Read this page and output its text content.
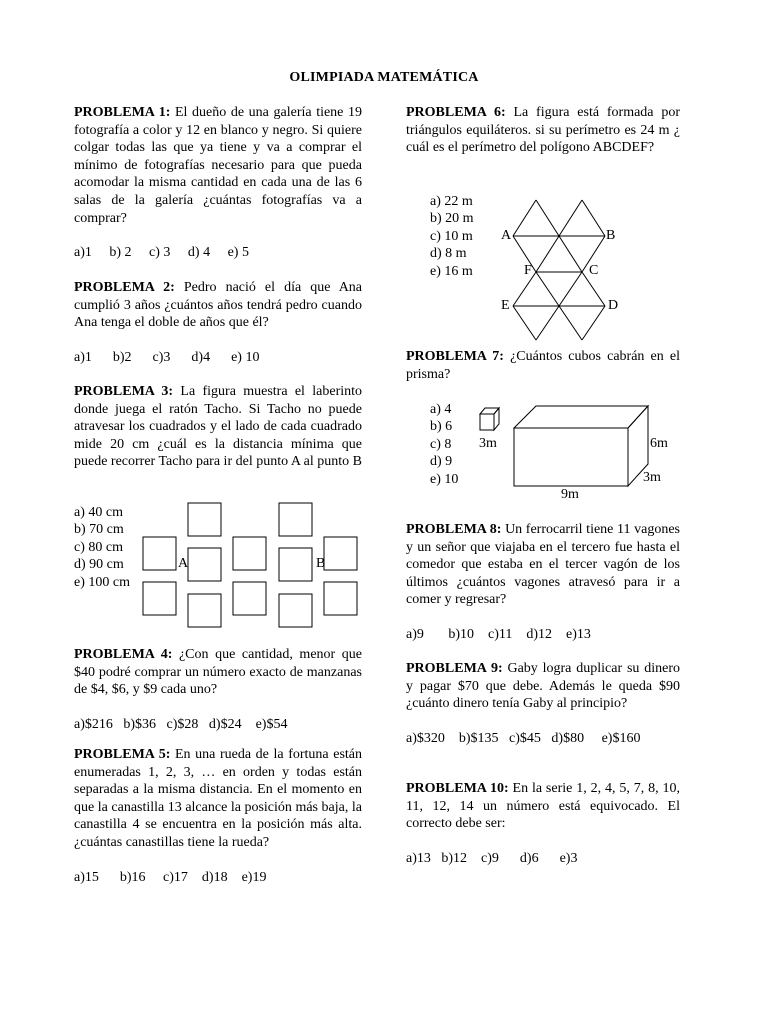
OLIMPIADA MATEMÁTICA

PROBLEMA 1: El dueño de una galería tiene 19 fotografía a color y 12 en blanco y negro. Si quiere colgar todas las que ya tiene y va a comprar el mínimo de fotografías necesario para que pueda acomodar la misma cantidad en cada una de las 6 salas de la galería ¿cuántas fotografías va a comprar?

a)1     b) 2     c) 3     d) 4     e) 5

PROBLEMA 2: Pedro nació el día que Ana cumplió 3 años ¿cuántos años tendrá pedro cuando Ana tenga el doble de años que él?

a)1      b)2      c)3      d)4      e) 10

PROBLEMA 3: La figura muestra el laberinto donde juega el ratón Tacho. Si Tacho no puede atravesar los cuadrados y el lado de cada cuadrado mide 20 cm ¿cuál es la distancia mínima que puede recorrer Tacho para ir del punto A al punto B

PROBLEMA 4: ¿Con que cantidad, menor que $40 podré comprar un número exacto de manzanas de $4, $6, y $9 cada uno?

a)$216   b)$36   c)$28   d)$24    e)$54

PROBLEMA 5: En una rueda de la fortuna están enumeradas 1, 2, 3, … en orden y todas están separadas a la misma distancia. En el momento en que la canastilla 13 alcance la posición más baja, la canastilla 4 se encuentra en la posición más alta. ¿cuántas canastillas tiene la rueda?

a)15      b)16     c)17    d)18    e)19

a) 40 cm
b) 70 cm
c) 80 cm
d) 90 cm
e) 100 cm
A	B

PROBLEMA 6: La figura está formada por triángulos equiláteros. si su perímetro es 24 m ¿ cuál es el perímetro del polígono ABCDEF?

PROBLEMA 7: ¿Cuántos cubos cabrán en el prisma?

PROBLEMA 8: Un ferrocarril tiene 11 vagones y un señor que viajaba en el tercero fue hasta el comedor que estaba en el tercer vagón de los últimos ¿cuántos vagones atravesó para ir a comer y regresar?

a)9       b)10    c)11    d)12    e)13

PROBLEMA 9: Gaby logra duplicar su dinero y pagar $70 que debe. Además le queda $90 ¿cuánto dinero tenía Gaby al principio?

a)$320    b)$135   c)$45   d)$80     e)$160

PROBLEMA 10: En la serie 1, 2, 4, 5, 7, 8, 10, 11, 12, 14 un número está equivocado. El correcto debe ser:

a)13   b)12    c)9      d)6      e)3

a) 22 m
b) 20 m
c) 10 m
d) 8 m
e) 16 m
A	B
C
F
D
E
a) 4
b) 6
c) 8
d) 9
e) 10
3m	6m
3m
9m
